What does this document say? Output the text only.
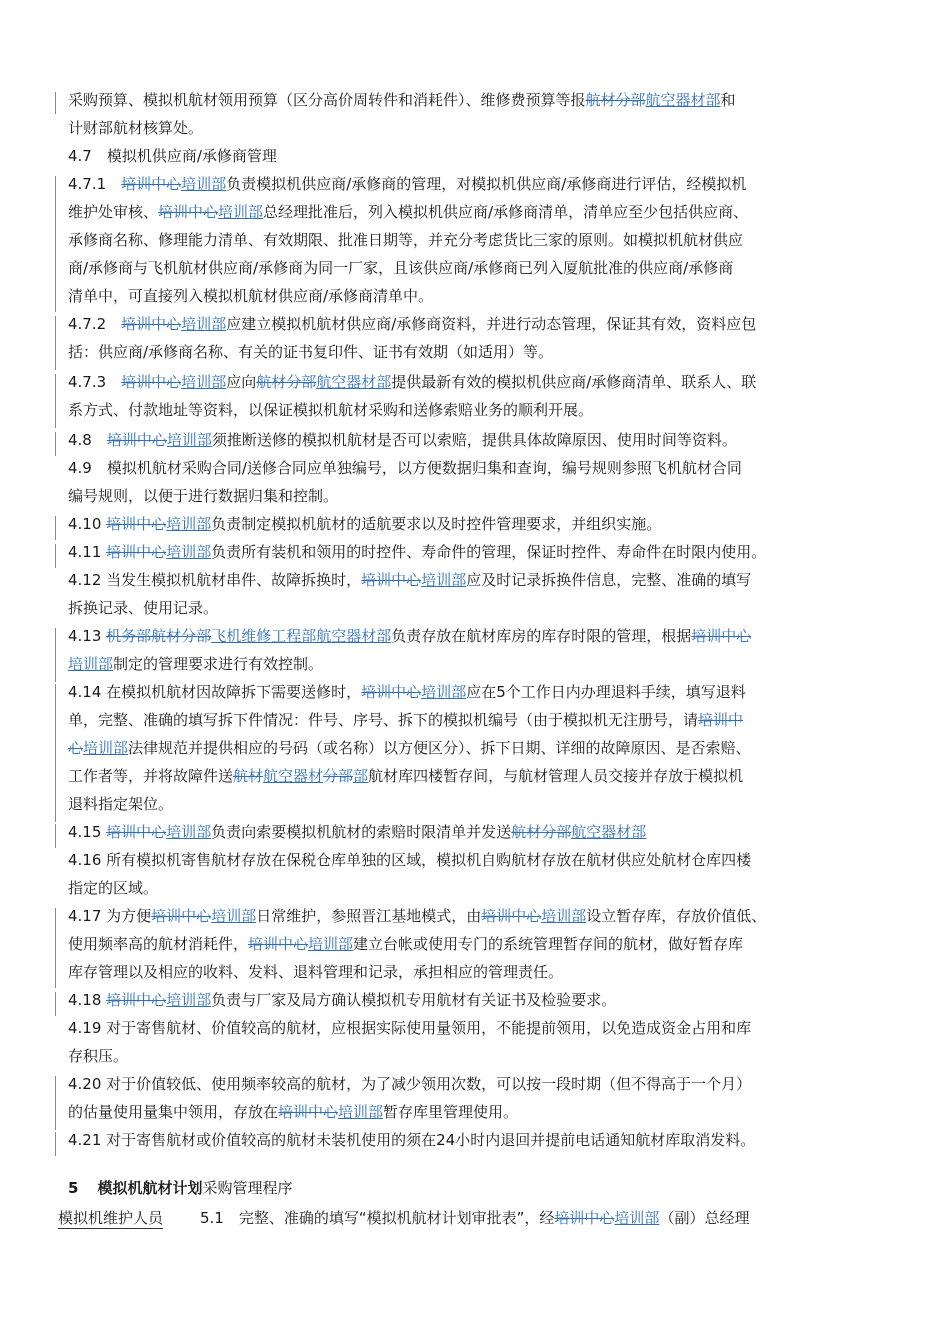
采购预算、模拟机航材领用预算（区分高价周转件和消耗件）、维修费预算等报航材分部航空器材部和
计财部航材核算处。
4.7　模拟机供应商/承修商管理
4.7.1　培训中心培训部负责模拟机供应商/承修商的管理，对模拟机供应商/承修商进行评估，经模拟机
维护处审核、培训中心培训部总经理批准后，列入模拟机供应商/承修商清单，清单应至少包括供应商、
承修商名称、修理能力清单、有效期限、批准日期等，并充分考虑货比三家的原则。如模拟机航材供应
商/承修商与飞机航材供应商/承修商为同一厂家，且该供应商/承修商已列入厦航批准的供应商/承修商
清单中，可直接列入模拟机航材供应商/承修商清单中。
4.7.2　培训中心培训部应建立模拟机航材供应商/承修商资料，并进行动态管理，保证其有效，资料应包
括：供应商/承修商名称、有关的证书复印件、证书有效期（如适用）等。
4.7.3　培训中心培训部应向航材分部航空器材部提供最新有效的模拟机供应商/承修商清单、联系人、联
系方式、付款地址等资料，以保证模拟机航材采购和送修索赔业务的顺利开展。
4.8　培训中心培训部须推断送修的模拟机航材是否可以索赔，提供具体故障原因、使用时间等资料。
4.9　模拟机航材采购合同/送修合同应单独编号，以方便数据归集和查询，编号规则参照飞机航材合同
编号规则，以便于进行数据归集和控制。
4.10 培训中心培训部负责制定模拟机航材的适航要求以及时控件管理要求，并组织实施。
4.11 培训中心培训部负责所有装机和领用的时控件、寿命件的管理，保证时控件、寿命件在时限内使用。
4.12 当发生模拟机航材串件、故障拆换时，培训中心培训部应及时记录拆换件信息，完整、准确的填写
拆换记录、使用记录。
4.13 机务部航材分部飞机维修工程部航空器材部负责存放在航材库房的库存时限的管理，根据培训中心
培训部制定的管理要求进行有效控制。
4.14 在模拟机航材因故障拆下需要送修时，培训中心培训部应在5个工作日内办理退料手续，填写退料
单，完整、准确的填写拆下件情况：件号、序号、拆下的模拟机编号（由于模拟机无注册号，请培训中
心培训部法律规范并提供相应的号码（或名称）以方便区分）、拆下日期、详细的故障原因、是否索赔、
工作者等，并将故障件送航材航空器材分部部航材库四楼暂存间，与航材管理人员交接并存放于模拟机
退料指定架位。
4.15 培训中心培训部负责向索要模拟机航材的索赔时限清单并发送航材分部航空器材部
4.16 所有模拟机寄售航材存放在保税仓库单独的区域，模拟机自购航材存放在航材供应处航材仓库四楼
指定的区域。
4.17 为方便培训中心培训部日常维护，参照晋江基地模式，由培训中心培训部设立暂存库，存放价值低、
使用频率高的航材消耗件，培训中心培训部建立台帐或使用专门的系统管理暂存间的航材，做好暂存库
库存管理以及相应的收料、发料、退料管理和记录，承担相应的管理责任。
4.18 培训中心培训部负责与厂家及局方确认模拟机专用航材有关证书及检验要求。
4.19 对于寄售航材、价值较高的航材，应根据实际使用量领用，不能提前领用，以免造成资金占用和库
存积压。
4.20 对于价值较低、使用频率较高的航材，为了减少领用次数，可以按一段时期（但不得高于一个月）
的估量使用量集中领用，存放在培训中心培训部暂存库里管理使用。
4.21 对于寄售航材或价值较高的航材未装机使用的须在24小时内退回并提前电话通知航材库取消发料。
5 模拟机航材计划采购管理程序
模拟机维护人员 5.1　完整、准确的填写“模拟机航材计划审批表”，经培训中心培训部（副）总经理
